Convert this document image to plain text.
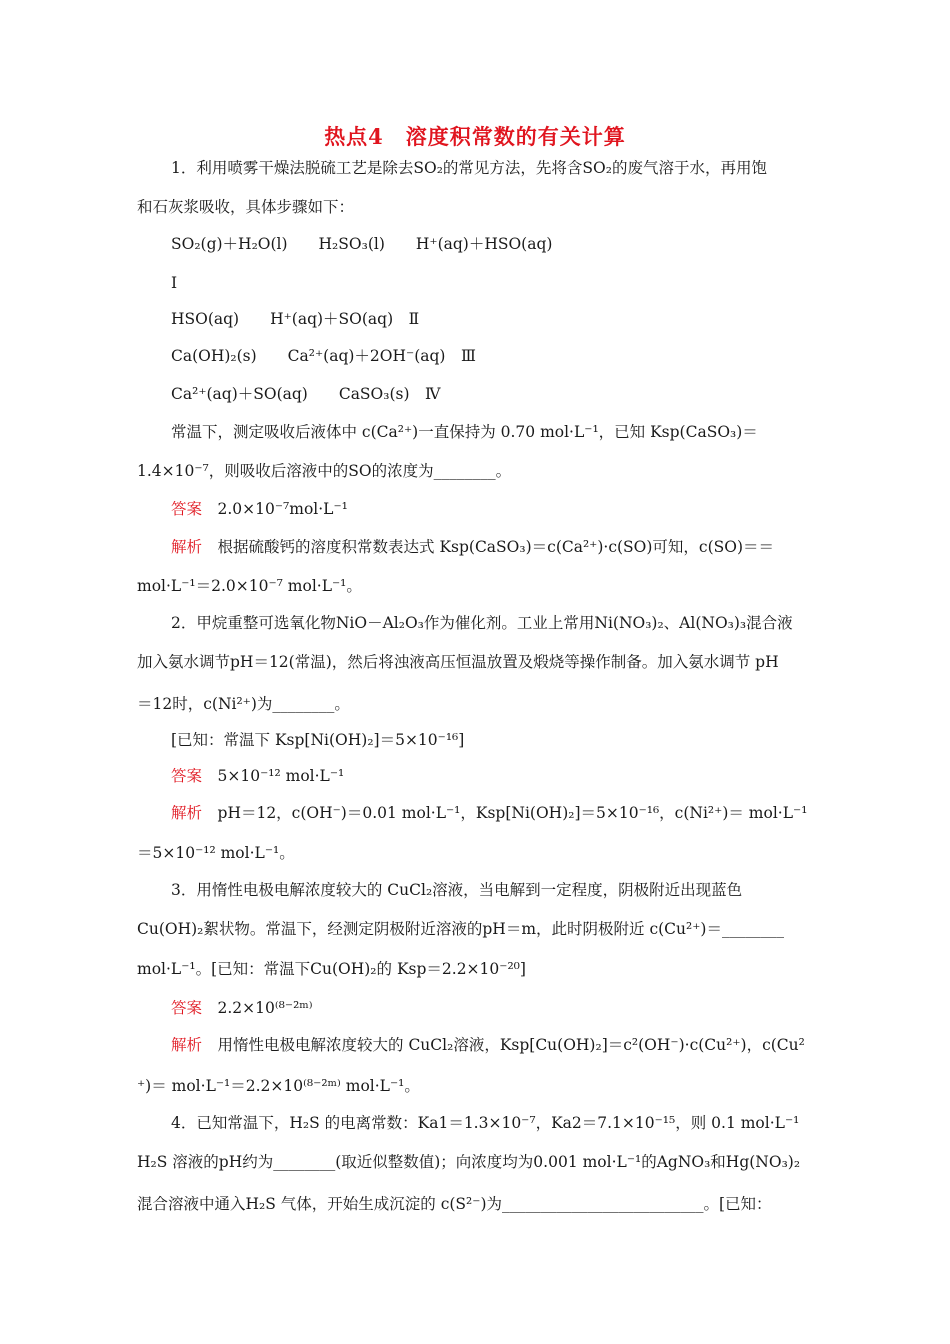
热点4　溶度积常数的有关计算
1．利用喷雾干燥法脱硫工艺是除去SO₂的常见方法，先将含SO₂的废气溶于水，再用饱
和石灰浆吸收，具体步骤如下：
SO₂(g)＋H₂O(l)　　H₂SO₃(l)　　H⁺(aq)＋HSO(aq)
Ⅰ
HSO(aq)　　H⁺(aq)＋SO(aq)　Ⅱ
Ca(OH)₂(s)　　Ca²⁺(aq)＋2OH⁻(aq)　Ⅲ
Ca²⁺(aq)＋SO(aq)　　CaSO₃(s)　Ⅳ
常温下，测定吸收后液体中 c(Ca²⁺)一直保持为 0.70 mol·L⁻¹，已知 Ksp(CaSO₃)＝
1.4×10⁻⁷，则吸收后溶液中的SO的浓度为________。
答案　2.0×10⁻⁷mol·L⁻¹
解析　根据硫酸钙的溶度积常数表达式 Ksp(CaSO₃)＝c(Ca²⁺)·c(SO)可知，c(SO)＝＝
mol·L⁻¹＝2.0×10⁻⁷ mol·L⁻¹。
2．甲烷重整可选氧化物NiO－Al₂O₃作为催化剂。工业上常用Ni(NO₃)₂、Al(NO₃)₃混合液
加入氨水调节pH＝12(常温)，然后将浊液高压恒温放置及煅烧等操作制备。加入氨水调节 pH
＝12时，c(Ni²⁺)为________。
[已知：常温下 Ksp[Ni(OH)₂]＝5×10⁻¹⁶]
答案　5×10⁻¹² mol·L⁻¹
解析　pH＝12，c(OH⁻)＝0.01 mol·L⁻¹，Ksp[Ni(OH)₂]＝5×10⁻¹⁶，c(Ni²⁺)＝ mol·L⁻¹
＝5×10⁻¹² mol·L⁻¹。
3．用惰性电极电解浓度较大的 CuCl₂溶液，当电解到一定程度，阴极附近出现蓝色
Cu(OH)₂絮状物。常温下，经测定阴极附近溶液的pH＝m，此时阴极附近 c(Cu²⁺)＝________
mol·L⁻¹。[已知：常温下Cu(OH)₂的 Ksp＝2.2×10⁻²⁰]
答案　2.2×10⁽⁸⁻²ᵐ⁾
解析　用惰性电极电解浓度较大的 CuCl₂溶液，Ksp[Cu(OH)₂]＝c²(OH⁻)·c(Cu²⁺)，c(Cu²
⁺)＝ mol·L⁻¹＝2.2×10⁽⁸⁻²ᵐ⁾ mol·L⁻¹。
4．已知常温下，H₂S 的电离常数：Ka1＝1.3×10⁻⁷，Ka2＝7.1×10⁻¹⁵，则 0.1 mol·L⁻¹
H₂S 溶液的pH约为________(取近似整数值)；向浓度均为0.001 mol·L⁻¹的AgNO₃和Hg(NO₃)₂
混合溶液中通入H₂S 气体，开始生成沉淀的 c(S²⁻)为__________________________。[已知：
